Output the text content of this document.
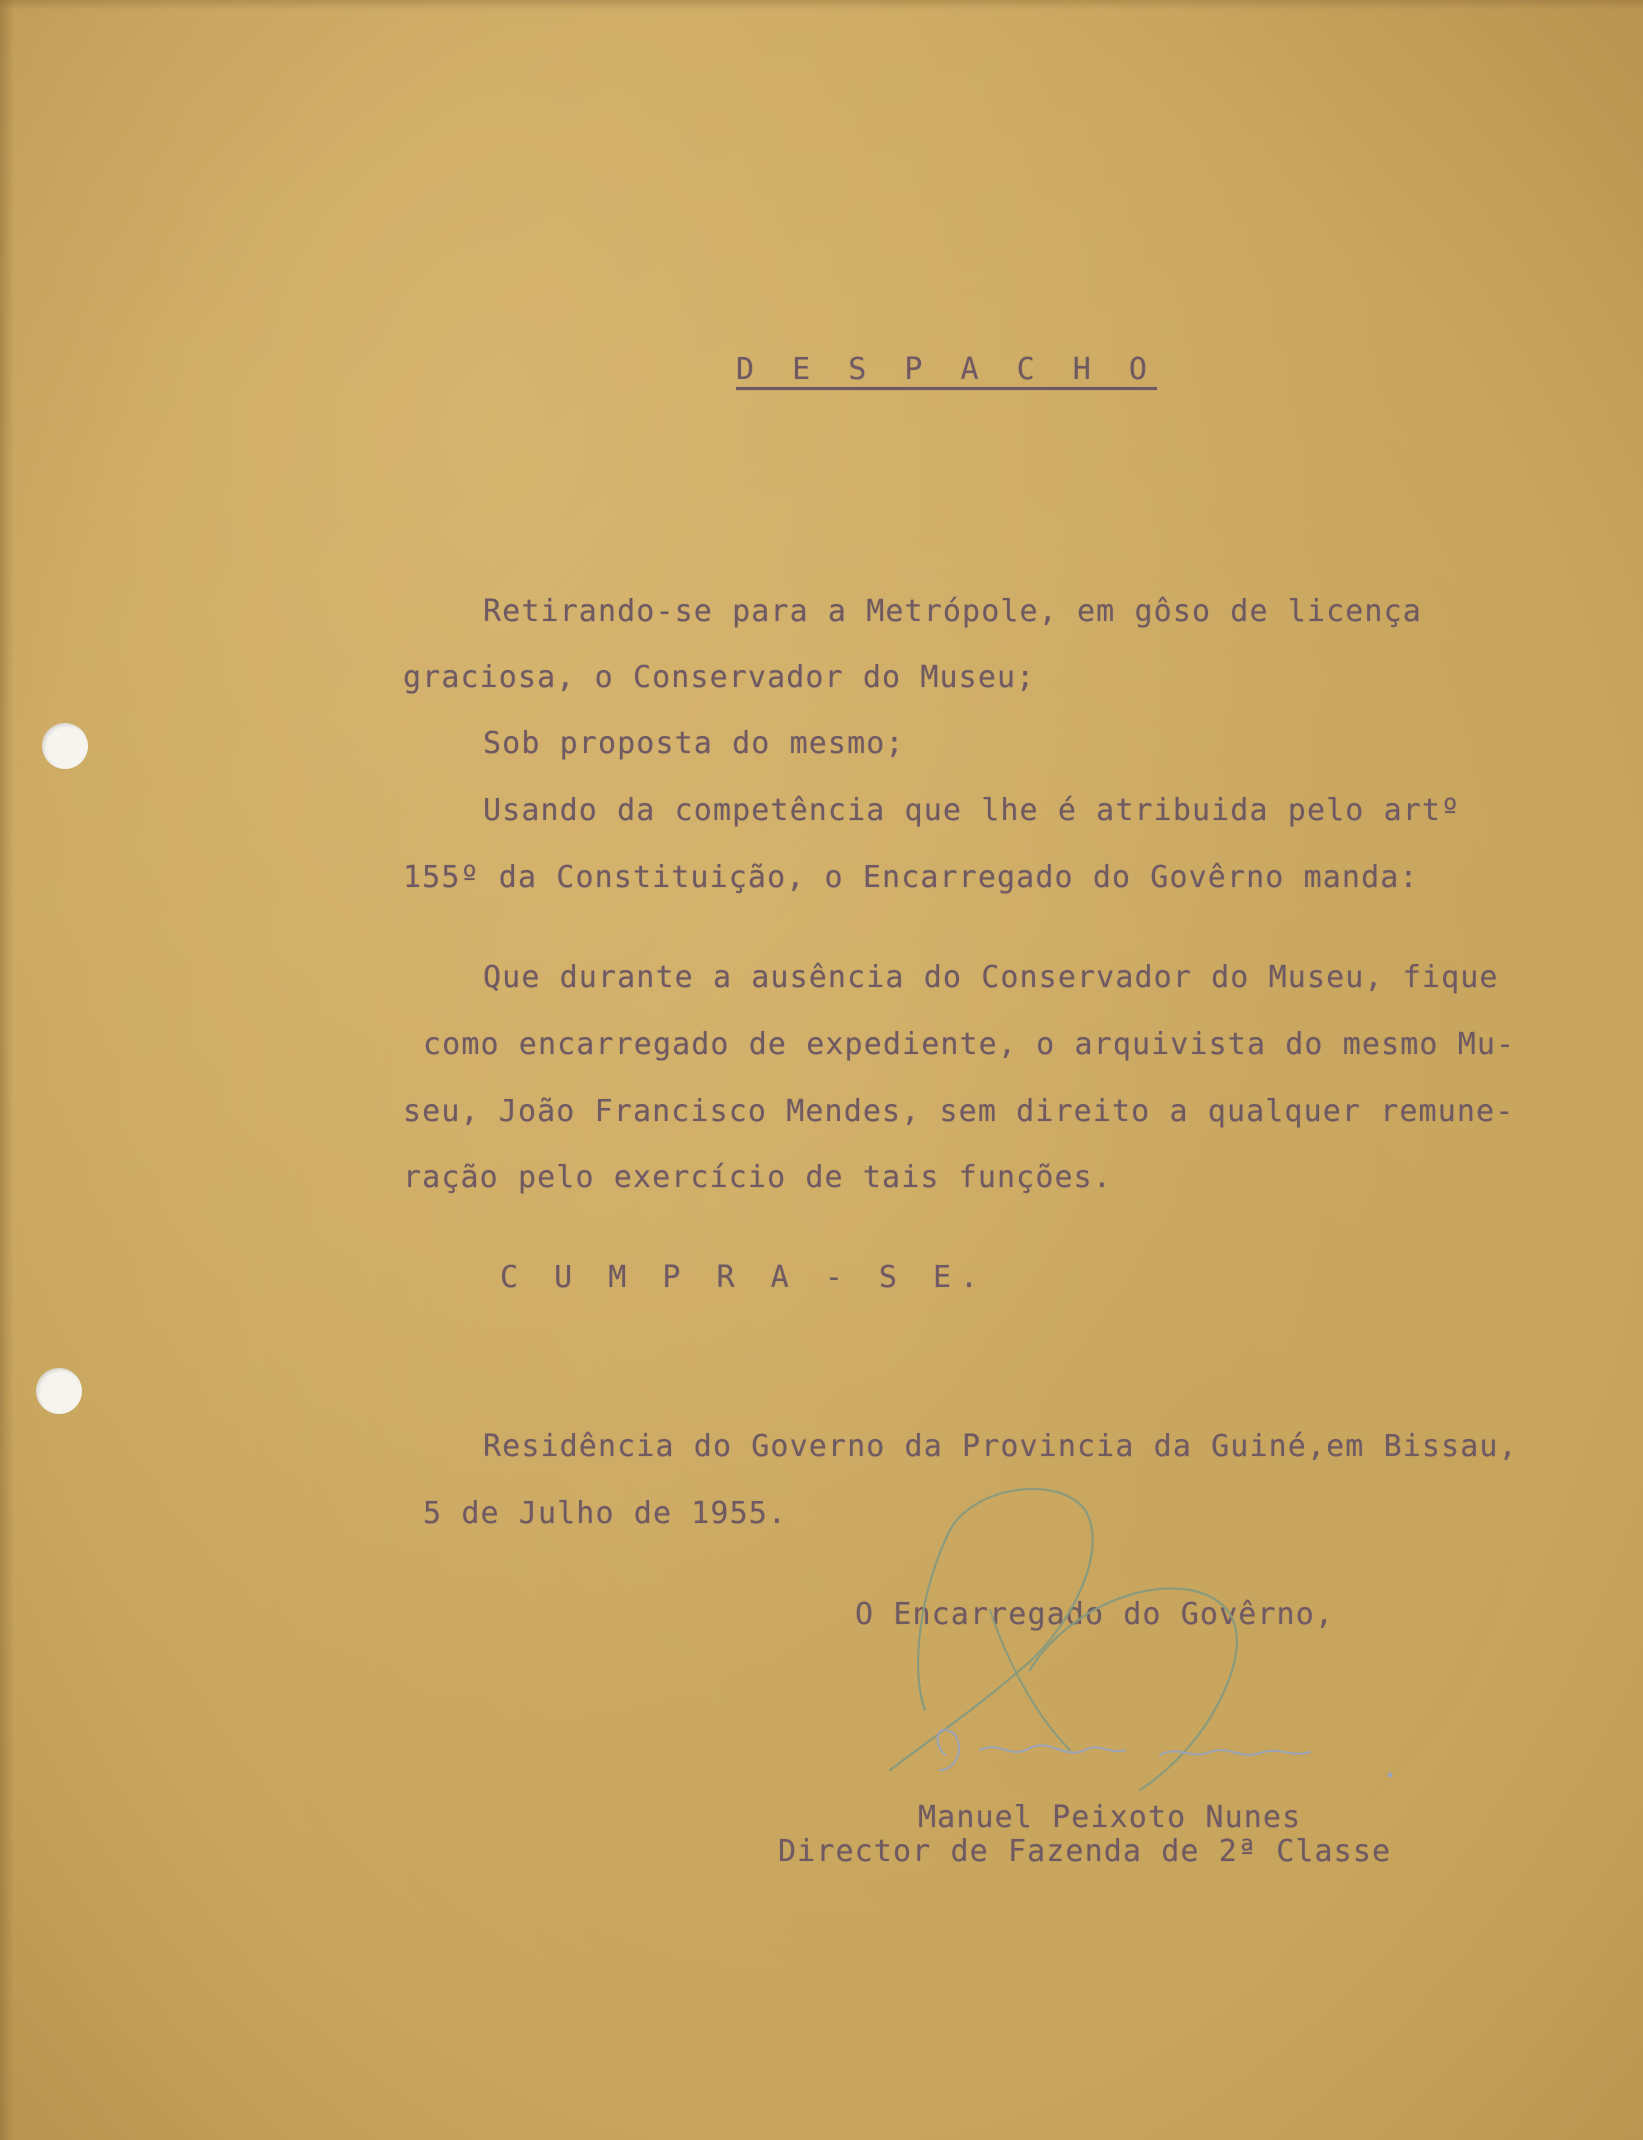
D E S P A C H O
Retirando-se para a Metrópole, em gôso de licença
graciosa, o Conservador do Museu;
Sob proposta do mesmo;
Usando da competência que lhe é atribuida pelo artº
155º da Constituição, o Encarregado do Govêrno manda:
Que durante a ausência do Conservador do Museu, fique
como encarregado de expediente, o arquivista do mesmo Mu-
seu, João Francisco Mendes, sem direito a qualquer remune-
ração pelo exercício de tais funções.
C U M P R A - S E.
Residência do Governo da Provincia da Guiné,em Bissau,
5 de Julho de 1955.
O Encarregado do Govêrno,
Manuel Peixoto Nunes
Director de Fazenda de 2ª Classe
